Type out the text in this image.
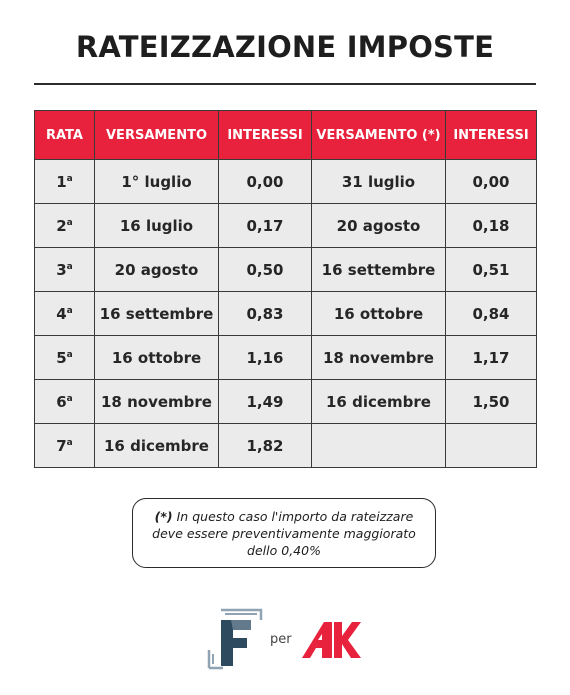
RATEIZZAZIONE IMPOSTE
RATA	VERSAMENTO	INTERESSI	VERSAMENTO (*)	INTERESSI
1$^a$	1° luglio	0,00	31 luglio	0,00
2$^a$	16 luglio	0,17	20 agosto	0,18
3$^a$	20 agosto	0,50	16 settembre	0,51
4$^a$	16 settembre	0,83	16 ottobre	0,84
5$^a$	16 ottobre	1,16	18 novembre	1,17
6$^a$	18 novembre	1,49	16 dicembre	1,50
7$^a$	16 dicembre	1,82		
(*) In questo caso l'importo da rateizzare deve essere preventivamente maggiorato dello 0,40%
per
